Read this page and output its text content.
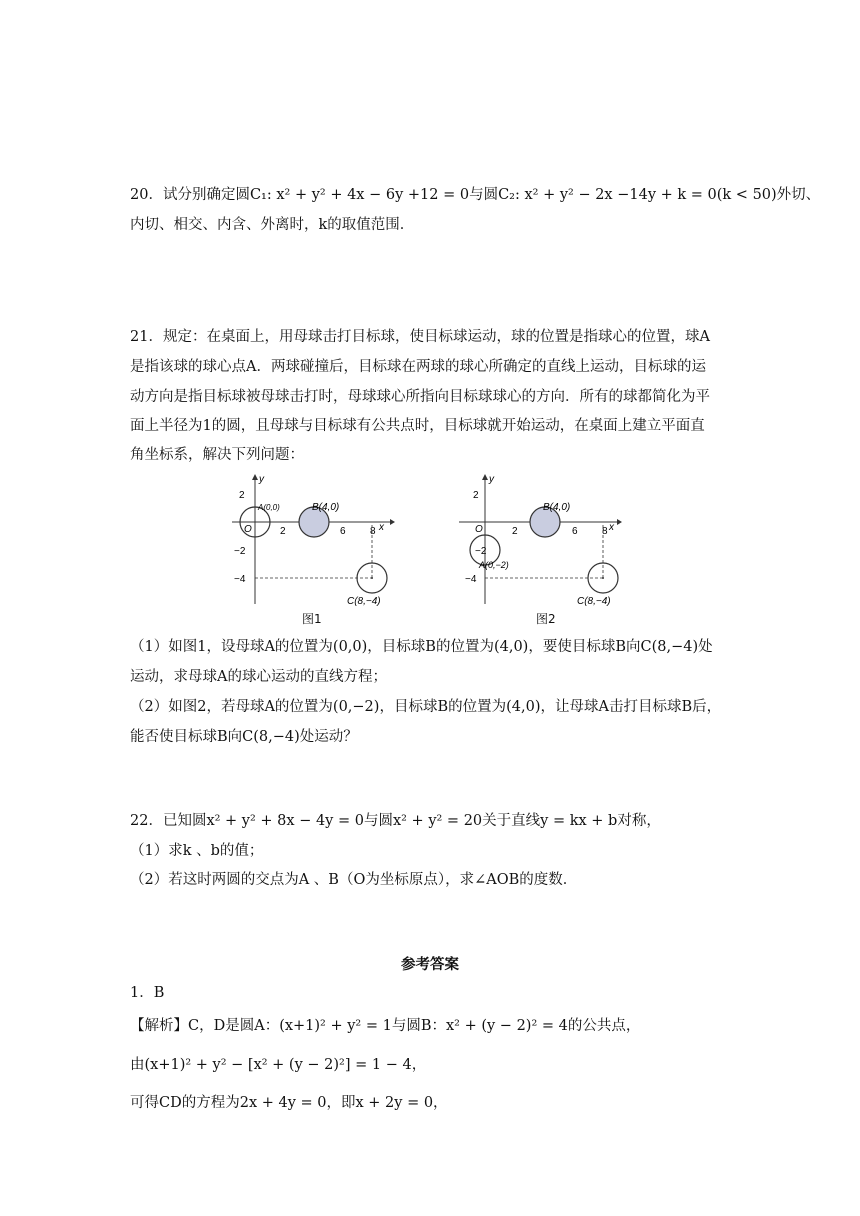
20．试分别确定圆C₁: x² + y² + 4x − 6y +12 = 0与圆C₂: x² + y² − 2x −14y + k = 0(k < 50)外切、
内切、相交、内含、外离时，k的取值范围．
21．规定：在桌面上，用母球击打目标球，使目标球运动，球的位置是指球心的位置，球A
是指该球的球心点A．两球碰撞后，目标球在两球的球心所确定的直线上运动，目标球的运
动方向是指目标球被母球击打时，母球球心所指向目标球球心的方向．所有的球都简化为平
面上半径为1的圆，且母球与目标球有公共点时，目标球就开始运动，在桌面上建立平面直
角坐标系，解决下列问题：
y
x
O
2
−2
−4
2	6 8
A(0,0)	B(4,0)
C(8,−4)
图1
y
x
O
2
−2
−4
2	6 8
A(0,−2)
B(4,0)
C(8,−4)
图2
（1）如图1，设母球A的位置为(0,0)，目标球B的位置为(4,0)，要使目标球B向C(8,−4)处
运动，求母球A的球心运动的直线方程；
（2）如图2，若母球A的位置为(0,−2)，目标球B的位置为(4,0)，让母球A击打目标球B后，
能否使目标球B向C(8,−4)处运动？
22．已知圆x² + y² + 8x − 4y = 0与圆x² + y² = 20关于直线y = kx + b对称，
（1）求k 、b的值；
（2）若这时两圆的交点为A 、B（O为坐标原点），求∠AOB的度数．
参考答案
1．B
【解析】C，D是圆A：(x+1)² + y² = 1与圆B：x² + (y − 2)² = 4的公共点，
由(x+1)² + y² − [x² + (y − 2)²] = 1 − 4，
可得CD的方程为2x + 4y = 0，即x + 2y = 0，
